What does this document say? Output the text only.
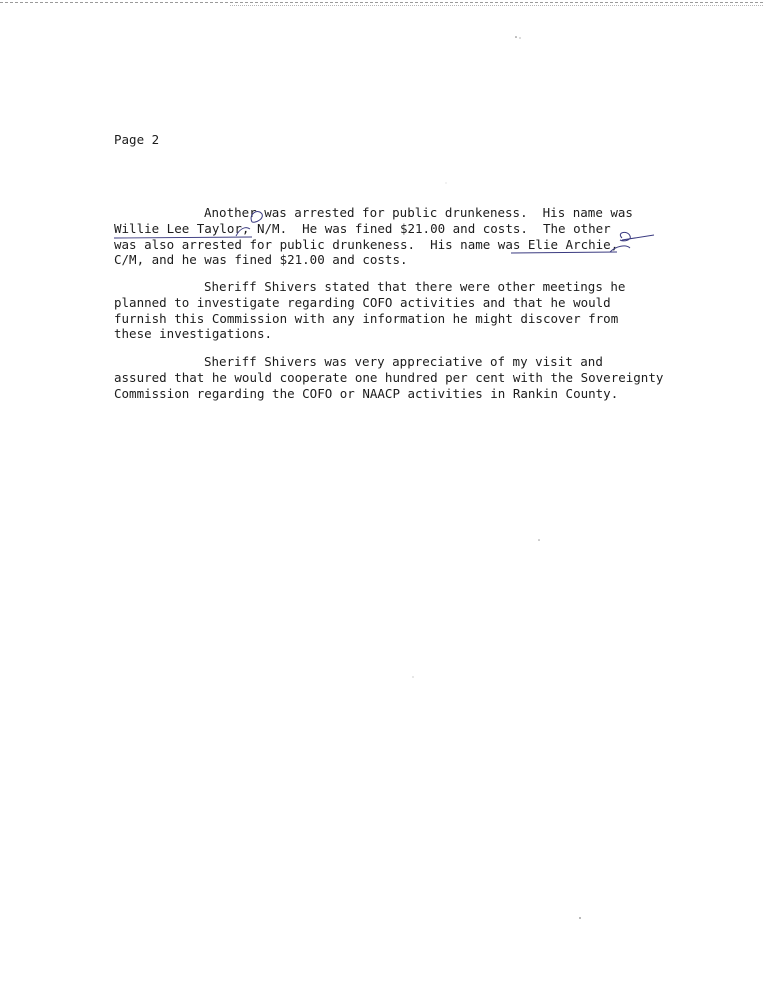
Page 2
Another was arrested for public drunkeness.  His name was
Willie Lee Taylor, N/M.  He was fined $21.00 and costs.  The other
was also arrested for public drunkeness.  His name was Elie Archie,
C/M, and he was fined $21.00 and costs.
Sheriff Shivers stated that there were other meetings he
planned to investigate regarding COFO activities and that he would
furnish this Commission with any information he might discover from
these investigations.
Sheriff Shivers was very appreciative of my visit and
assured that he would cooperate one hundred per cent with the Sovereignty
Commission regarding the COFO or NAACP activities in Rankin County.
